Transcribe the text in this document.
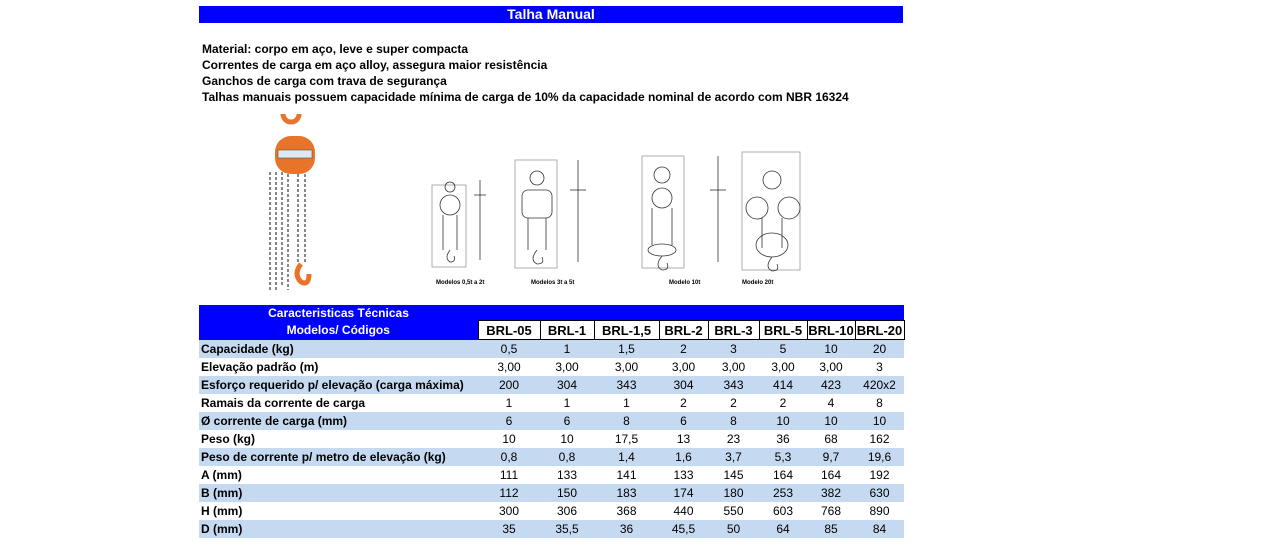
Talha Manual
Material: corpo em aço, leve e super compacta
Correntes de carga em aço alloy, assegura maior resistência
Ganchos de carga com trava de segurança
Talhas manuais possuem capacidade mínima de carga de 10% da capacidade nominal de acordo com NBR 16324
Modelos 0,5t a 2t	Modelos 3t a 5t	Modelo 10t	Modelo 20t
Caracteristicas Técnicas								
Modelos/ Códigos	BRL-05	BRL-1	BRL-1,5	BRL-2	BRL-3	BRL-5	BRL-10	BRL-20
Capacidade (kg)	0,5	1	1,5	2	3	5	10	20
Elevação padrão (m)	3,00	3,00	3,00	3,00	3,00	3,00	3,00	3
Esforço requerido p/ elevação (carga máxima)	200	304	343	304	343	414	423	420x2
Ramais da corrente de carga	1	1	1	2	2	2	4	8
Ø corrente de carga (mm)	6	6	8	6	8	10	10	10
Peso (kg)	10	10	17,5	13	23	36	68	162
Peso de corrente p/ metro de elevação (kg)	0,8	0,8	1,4	1,6	3,7	5,3	9,7	19,6
A (mm)	111	133	141	133	145	164	164	192
B (mm)	112	150	183	174	180	253	382	630
H (mm)	300	306	368	440	550	603	768	890
D (mm)	35	35,5	36	45,5	50	64	85	84
